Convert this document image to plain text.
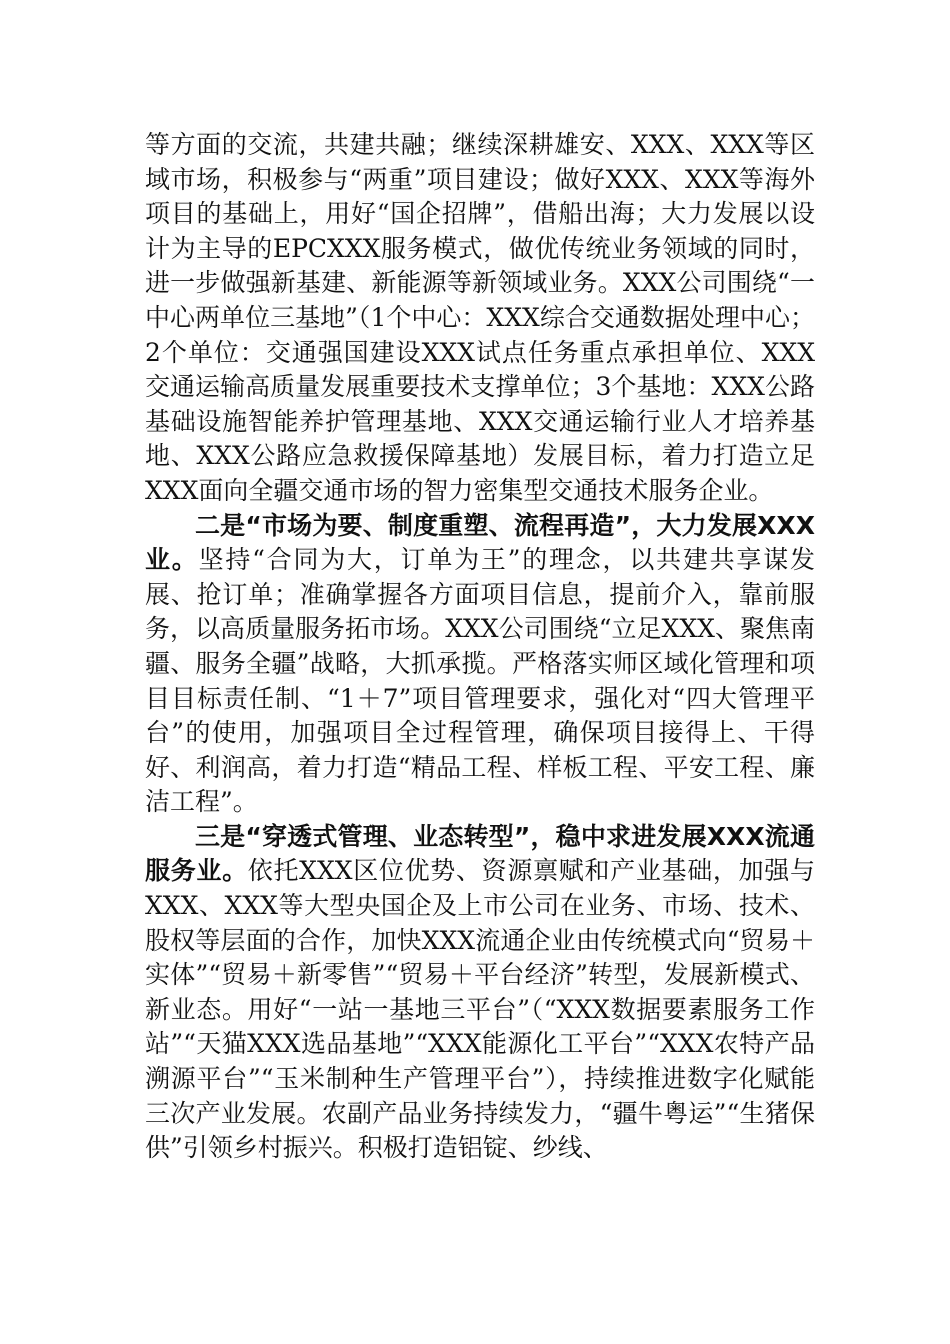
等方面的交流，共建共融；继续深耕雄安、XXX、XXX等区域市场，积极参与“两重”项目建设；做好XXX、XXX等海外项目的基础上，用好“国企招牌”，借船出海；大力发展以设计为主导的EPCXXX服务模式，做优传统业务领域的同时，进一步做强新基建、新能源等新领域业务。XXX公司围绕“一中心两单位三基地”（1个中心：XXX综合交通数据处理中心；2个单位：交通强国建设XXX试点任务重点承担单位、XXX交通运输高质量发展重要技术支撑单位；3个基地：XXX公路基础设施智能养护管理基地、XXX交通运输行业人才培养基地、XXX公路应急救援保障基地）发展目标，着力打造立足XXX面向全疆交通市场的智力密集型交通技术服务企业。

二是“市场为要、制度重塑、流程再造”，大力发展XXX业。坚持“合同为大，订单为王”的理念，以共建共享谋发展、抢订单；准确掌握各方面项目信息，提前介入，靠前服务，以高质量服务拓市场。XXX公司围绕“立足XXX、聚焦南疆、服务全疆”战略，大抓承揽。严格落实师区域化管理和项目目标责任制、“1＋7”项目管理要求，强化对“四大管理平台”的使用，加强项目全过程管理，确保项目接得上、干得好、利润高，着力打造“精品工程、样板工程、平安工程、廉洁工程”。

三是“穿透式管理、业态转型”，稳中求进发展XXX流通服务业。依托XXX区位优势、资源禀赋和产业基础，加强与XXX、XXX等大型央国企及上市公司在业务、市场、技术、股权等层面的合作，加快XXX流通企业由传统模式向“贸易＋实体”“贸易＋新零售”“贸易＋平台经济”转型，发展新模式、新业态。用好“一站一基地三平台”（“XXX数据要素服务工作站”“天猫XXX选品基地”“XXX能源化工平台”“XXX农特产品溯源平台”“玉米制种生产管理平台”），持续推进数字化赋能三次产业发展。农副产品业务持续发力，“疆牛粤运”“生猪保供”引领乡村振兴。积极打造铝锭、纱线、
